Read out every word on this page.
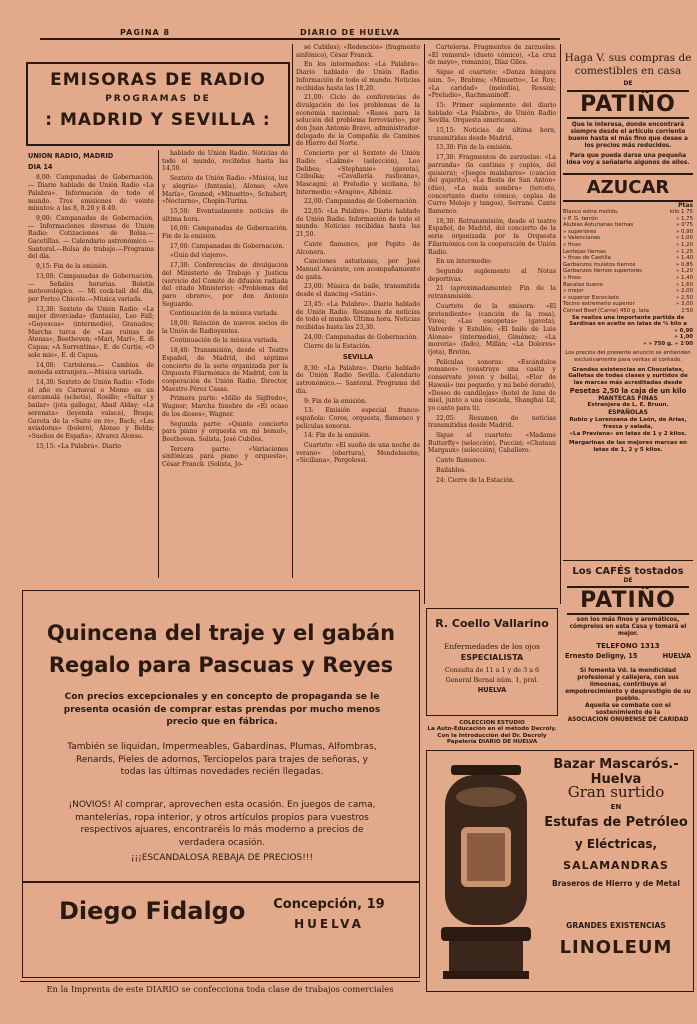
PAGINA 8	DIARIO DE HUELVA
EMISORAS DE RADIO
PROGRAMAS DE
: MADRID Y SEVILLA :
UNION RADIO, MADRID
DIA 14

8,00: Campanadas de Gobernación. — Diario hablado de Unión Radio «La Palabra». Información de todo el mundo. Tres emisiones de veinte minutos: a las 8, 8.20 y 8.40.

9,00: Campanadas de Gobernación. — Informaciones diversas de Unión Radio: Cotizaciones de Bolsa.— Gacetillas. — Calendario astronómico.— Santoral.—Bolsa de trabajo.—Programa del día.

9,15: Fin de la emisión.

13,00: Campanadas de Gobernación.— Señales horarias. Boletín meteorológico. — Mi cock-tail del día, por Perico Chicote.—Música variada.

13,30: Sexteto de Unión Radio: «La mujer divorciada» (fantasía), Leo Fall; «Goyescas» (intermedio), Granados; Marcha turca de «Las ruinas de Atenas», Beethoven; «Mari, Marí», E. di Capua; «A Surrentina», E. de Curtis; «O sole mio», E. di Capua.

14,00: Carteleras.— Cambios de moneda extranjera.—Música variada.

14,30: Sexteto de Unión Radio: «Todo el año es Carnaval o Momo es un carcamalá (schotis), Rosillo; «Saltar y bailar» (jota gallega), Abad Alday; «La serenata» (leyenda valaca), Braga; Gavota de la «Suite en re», Bach; «Las aviadoras» (bolero), Alonso y Belda; «Sueños de España», Alvarez Alonso.

15,15: «La Palabra». Diario

hablado de Unión Radio. Noticias de todo el mundo, recibidas hasta las 14,50.

Sexteto de Unión Radio: «Música, luz y alegría» (fantasía), Alonso; «Ave María», Gounod; «Minuetto», Schubert; «Nocturno», Chopin-Turina.

15,50: Eventualmente noticias de última hora.

16,00: Campanadas de Gobernación. Fin de la emisión.

17,00: Campanadas de Gobernación.

«Guía del viajero».

17,30: Conferencias de divulgación del Ministerio de Trabajo y Justicia (servicio del Comité de difusión radiada del citado Ministerio): «Problemas del paro obrero», por don Antonio Seguardo.

Continuación de la música variada.

18,00: Relación de nuevos socios de la Unión de Radioyentes.

Continuación de la música variada.

18,40: Transmisión, desde el Teatro Español, de Madrid, del séptimo concierto de la serie organizada por la Orquesta Filarmónica de Madrid, con la cooperación de Unión Radio. Director, Maestro Pérez Casas.

Primera parte: «Idilio de Sigfredo», Wagner; Marcha fúnebre de «El ocaso de los dioses», Wagner.

Segunda parte: «Quinto concierto para piano y orquesta en mi bemol», Beethoven. Solista, José Cubiles.

Tercera parte: «Variaciones sinfónicas para piano y orquesta», César Franck. (Solista, Jo-

sé Cubiles); «Redenciós» (fragmento sinfónico), César Franck.

En los intermedios: «La Palabra». Diario hablado de Unión Radio. Información de todo el mundo. Noticias recibidas hasta las 18,20.

21,00: Ciclo de conferencias de divulgación de los problemas de la economía nacional: «Bases para la solución del problema ferroviario», por don Juan Antonio Bravo, administrador-delegado de la Compañía de Caminos de Hierro del Norte.

Concierto por el Sexteto de Unión Radio: «Lakmé» (selección), Leo Delibes; «Stephanie» (gavota), Czibulka; «Cavallería rusticana», Mascagni; a) Preludio y siciliana, b) Intermedio; «Aragón», Albéniz.

22,00: Campanadas de Gobernación.

22,05: «La Palabra». Diario hablado de Unión Radio. Información de todo el mundo. Noticias recibidas hasta las 21,50.

Cante flamenco, por Pepito de Alconera.

Canciones asturianas, por José Manuel Ascárate, con acompañamiento de gaita.

23,00: Música de baile, transmitida desde el dancing «Satán».

23,45: «La Palabra». Diario hablado de Unión Radio. Resumen de noticias de todo el mundo. Última hora. Noticias recibidas hasta las 23,30.

24,00: Campanadas de Gobernación.

Cierre de la Estación.

SEVILLA

8,30: «La Palabra». Diario hablado de Unión Radio Sevilla. Calendario astronómico.— Santoral. Programa del día.

9: Fin de la emisión.

13: Emisión especial franco-española: Coros, orquesta, flamenco y películas sonoras.

14: Fin de la emisión.

Cuarteto: «El sueño de una noche de verano» (obertura), Mendelssohn; «Siciliana», Pergolessi.

Carteleras. Fragmentos de zarzuelas: «El romeral» (dueto cómico), «La cruz de mayo», romanza), Díaz Giles.

Sigue el cuarteto: «Danza húngara núm. 5», Brahms; «Minuetto», Le Roy; «La caridad» (melodía), Rossini; «Preludio», Rachmaninoff.

15: Primer suplemento del diario hablado «La Palabra», de Unión Radio Sevilla. Orquesta americana.

15,15: Noticias de última hora, transmitidas desde Madrid.

15,30: Fin de la emisión.

17,30: Fragmentos de zarzuelas: «La parranda» (la cantinas y cuplés, del quisiera); «Juegos malabares» (canción del gajarito), «La fiesta de San Antón» (dúo), «La mala sombra» (terceto, concertante dueto cómico, coplas de Curro Melojo y tangos), Serrano. Cante flamenco.

18,30: Retransmisión, desde el teatro Español, de Madrid, del concierto de la serie organizada por la Orquesta Filarmónica con la cooperación de Unión Radio.

En un intermedio:

Segundo suplemento al Notas deportivas.

21 (aproximadamente): Fin de la retransmisión.

Cuarteto de la emisora: «El pretendiente» (canción de la rosa), Vives; «Las escopetas» (gavota), Valverde y Estellés; «El baile de Luis Alonso» (intermedio), Giménez; «La morería» (fado), Millán; «La Dolores» (jota), Bretón.

Películas sonoras: «Escándalos romanos» (construye una casita y conservate joven y bella), «Flor de Hawaii» (mi pequeño, y mi bebé dorado), «Deseo de candilejas» (hotel de lune de miel, junto a una cascada, Shanghai Lil, yo canto para ti).

22,05: Resumen de noticias transmitidas desde Madrid.

Sigue el cuarteto: «Madame Butterfly» (selección), Puccini; «Chateau Margaux» (selección), Caballero.

Cante flamenco.

Bailables.

24: Cierre de la Estación.

Haga V. sus compras de comestibles en casa
DE
PATIÑO
Que le interesa, donde encontrará siempre desde el artículo corriente bueno hasta el más fino que desee a los precios más reducidos.
Para que pueda darse una pequeña idea voy a señalarle algunos de ellos.
AZUCAR
Ptas
Blanco extra molido.	kilo 1 75
» P. G. terrón	» 1,75
Alubias Asturianas tiernas	» 0'75
» superiores	» 0,90
» Valencianas	» 1,00
» finas	» 1,20
Lentejas tiernas	» 1,25
» finas de Castilla	» 1,40
Garbanzos mulatos tiernos	» 0,85
Garbanzos tiernos superiores	» 1,20
» finos	» 1,40
Bacalao bueno	» 1,60
» mejor	» 2,00
» superior Escociado	» 2,50
Tocino extremeño superior	» 3,00
Corned Beef (Carne) 450 g. lata	1'50
Se realiza una importante partida de Sardinas en aceite en latas de ¼ kilo a
» 0,90
» 1,00
» » 750 g. » 1'00
Los precios del presente anuncio se entienden exclusivamente para ventas al contado.
Grandes existencias en Chocolates, Galletas de todas clases y surtidos de las marcas más acreditadas desde
Pesetas 2,50 la caja de un kilo
MANTECAS FINAS
Extranjera de L. E. Bruun.
ESPAÑOLAS
Rubio y Lorenzana de León, de Arias, fresca y salada,
«La Praviana» en latas de 1 y 2 kilos.
Margarinas de las mejores marcas en latas de 1, 2 y 5 kilos.
Los CAFÉS tostados
DE
PATIÑO
son los más finos y aromáticos, cómprelos en esta Casa y tomará el mejor.
TELEFONO 1313
Ernesto Deligny, 15	HUELVA
Si fomenta Vd. la mendicidad profesional y callejera, con sus limosnas, contribuye al empobrecimiento y desprestigio de su pueblo.
Aquella se combate con el sostenimiento de la
ASOCIACION ONUBENSE DE CARIDAD
R. Coello Vallarino
Enfermedades de los ojos
ESPECIALISTA
Consulta de 11 a 1 y de 3 a 6
General Bernal núm. 1, pral.
HUELVA
COLECCION ESTUDIO
La Auto-Educación en el método Decroly. Con la Introducción del Dr. Decroly
Papelería DIARIO DE HUELVA
Bazar Mascarós.-Huelva
Gran surtido
EN
Estufas de Petróleo
y Eléctricas,
SALAMANDRAS
Braseros de Hierro y de Metal
GRANDES EXISTENCIAS
LINOLEUM
Quincena del traje y el gabán
Regalo para Pascuas y Reyes
Con precios excepcionales y en concepto de propaganda se le presenta ocasión de comprar estas prendas por mucho menos precio que en fábrica.
También se liquidan, Impermeables, Gabardinas, Plumas, Alfombras, Renards, Pieles de adornos, Terciopelos para trajes de señoras, y todas las últimas novedades recién llegadas.
¡NOVIOS! Al comprar, aprovechen esta ocasión. En juegos de cama, mantelerías, ropa interior, y otros artículos propios para vuestros respectivos ajuares, encontraréis lo más moderno a precios de verdadera ocasión.
¡¡¡ESCANDALOSA REBAJA DE PRECIOS!!!
Diego Fidalgo	Concepción, 19
HUELVA
En la Imprenta de este DIARIO se confecciona toda clase de trabajos comerciales
